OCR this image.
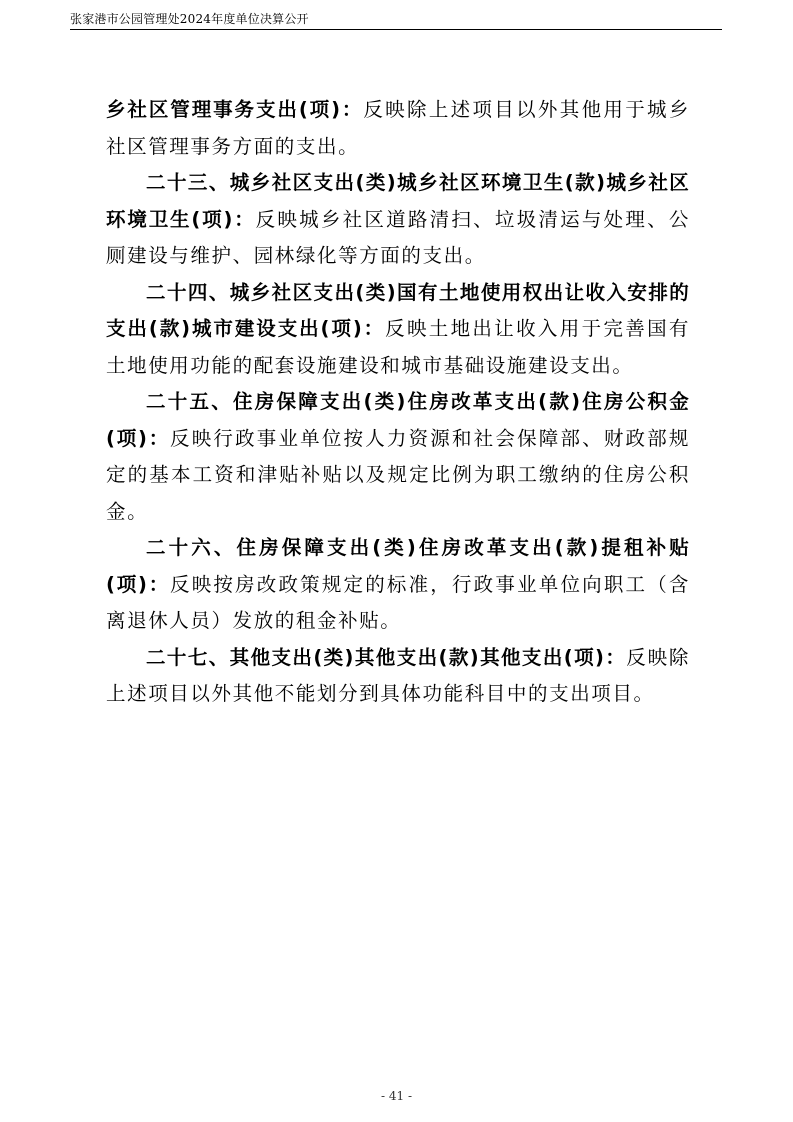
张家港市公园管理处2024年度单位决算公开

乡社区管理事务支出(项)：反映除上述项目以外其他用于城乡社区管理事务方面的支出。

二十三、城乡社区支出(类)城乡社区环境卫生(款)城乡社区环境卫生(项)：反映城乡社区道路清扫、垃圾清运与处理、公厕建设与维护、园林绿化等方面的支出。

二十四、城乡社区支出(类)国有土地使用权出让收入安排的支出(款)城市建设支出(项)：反映土地出让收入用于完善国有土地使用功能的配套设施建设和城市基础设施建设支出。

二十五、住房保障支出(类)住房改革支出(款)住房公积金(项)：反映行政事业单位按人力资源和社会保障部、财政部规定的基本工资和津贴补贴以及规定比例为职工缴纳的住房公积金。

二十六、住房保障支出(类)住房改革支出(款)提租补贴(项)：反映按房改政策规定的标准，行政事业单位向职工（含离退休人员）发放的租金补贴。

二十七、其他支出(类)其他支出(款)其他支出(项)：反映除上述项目以外其他不能划分到具体功能科目中的支出项目。

- 41 -
